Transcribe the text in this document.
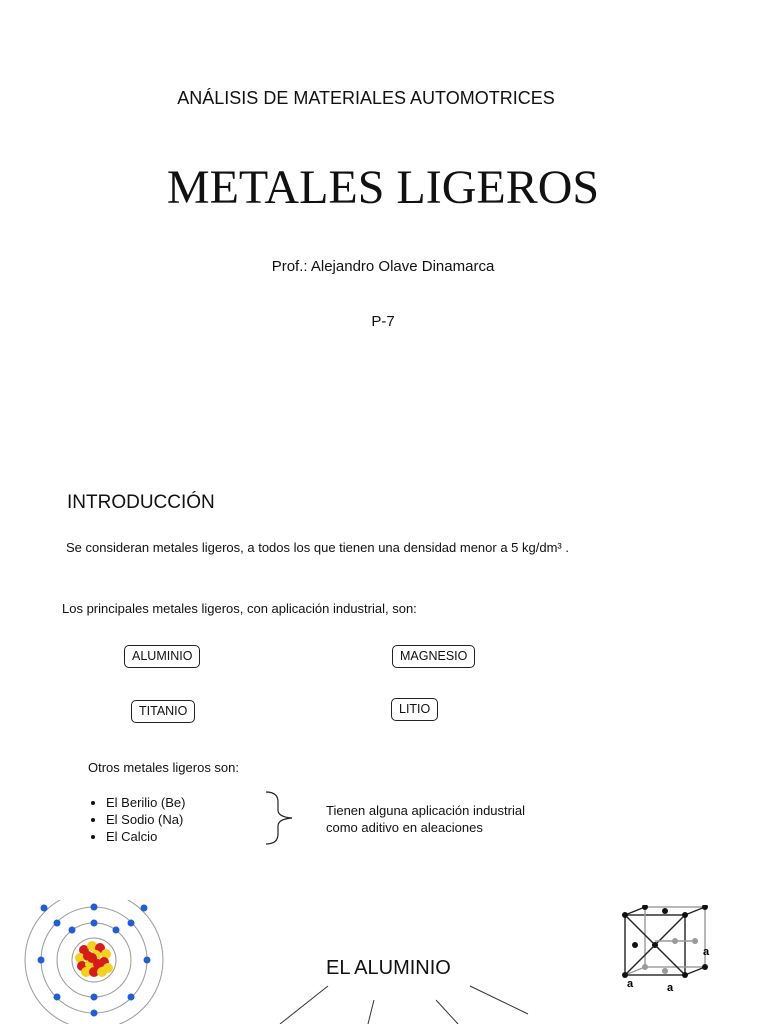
ANÁLISIS DE MATERIALES AUTOMOTRICES
METALES LIGEROS
Prof.: Alejandro Olave Dinamarca
P-7
INTRODUCCIÓN
Se consideran metales ligeros, a todos los que tienen una densidad menor a 5 kg/dm³ .
Los principales metales ligeros, con aplicación industrial, son:
ALUMINIO	MAGNESIO
TITANIO	LITIO
Otros metales ligeros son:
• El Berilio (Be)
• El Sodio (Na)
• El Calcio
Tienen alguna aplicación industrial
como aditivo en aleaciones
EL ALUMINIO
a
a	a
